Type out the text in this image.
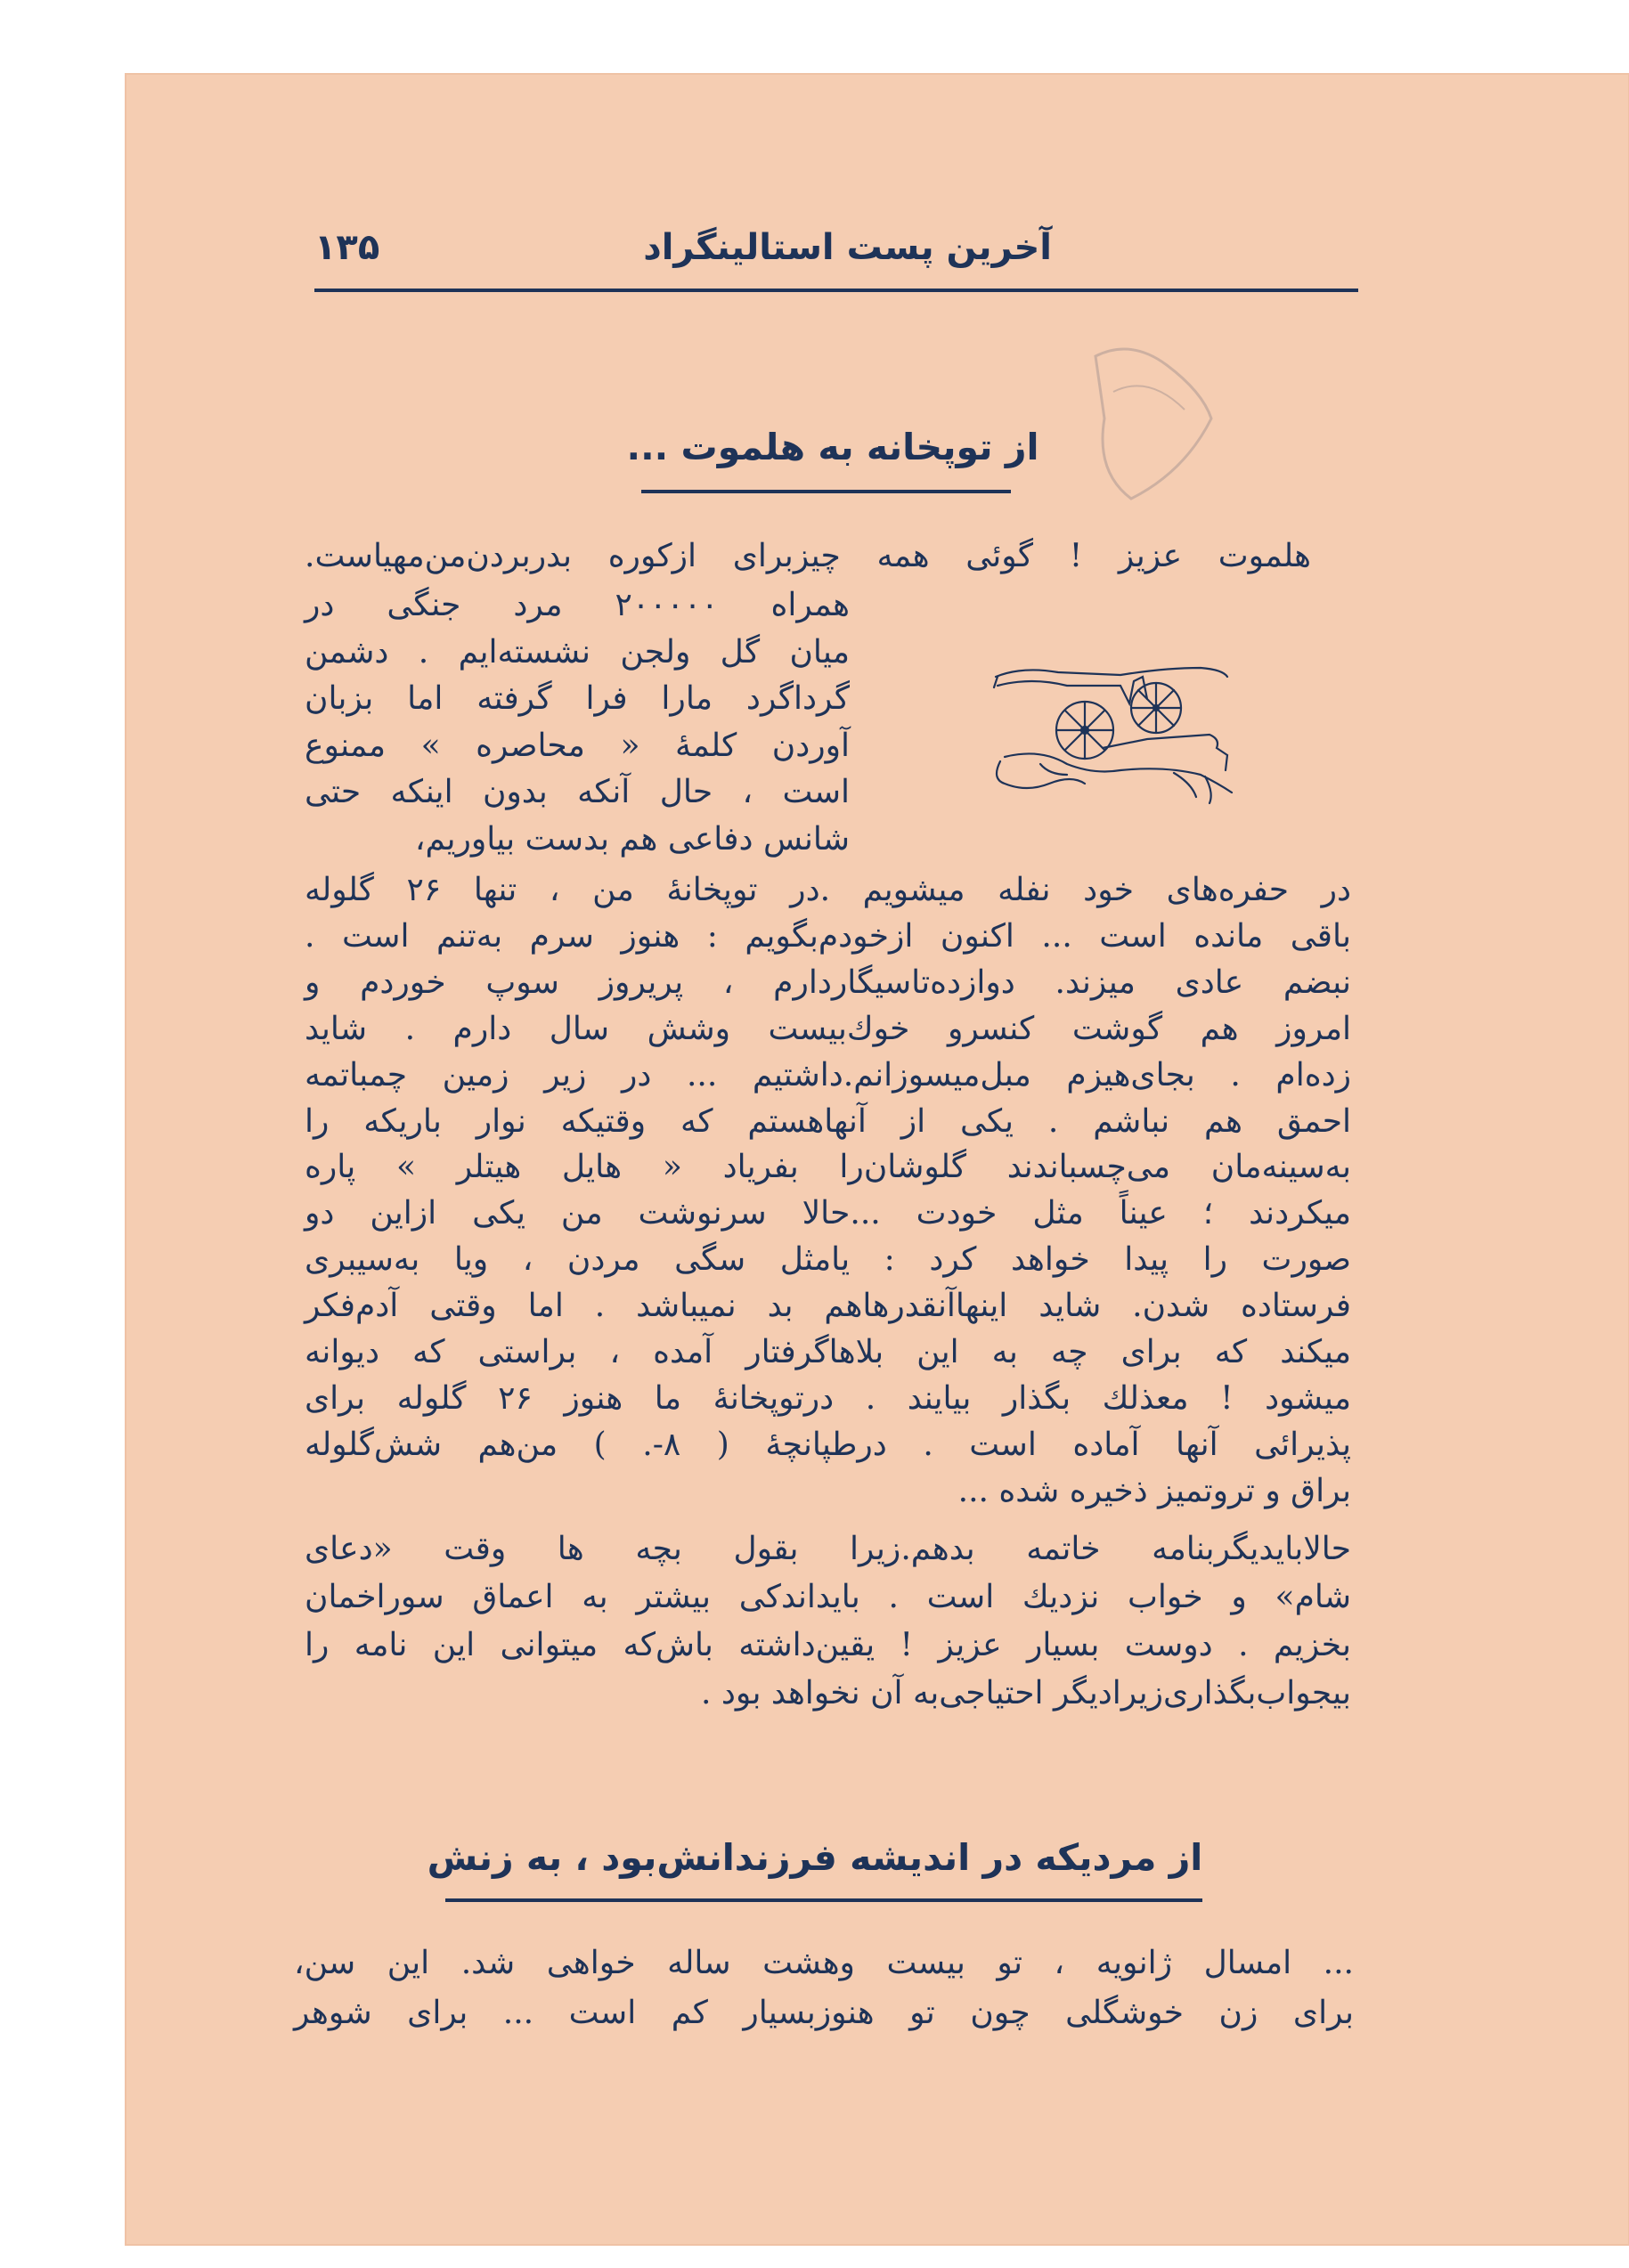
آخرین پست استالینگراد
۱۳۵
از توپخانه به هلموت ...
هلموت عزیز ! گوئی همه چیزبرای ازکوره بدربردن‌من‌مهیاست.
همراه ۲۰۰۰۰۰ مرد جنگی در
میان گل ولجن نشسته‌ایم . دشمن
گرداگرد مارا فرا گرفته اما بزبان
آوردن کلمهٔ « محاصره » ممنوع
است ، حال آنکه بدون اینکه حتی
شانس دفاعی هم بدست بیاوریم،
در حفره‌های خود نفله میشویم .در توپخانهٔ من ، تنها ۲۶ گلوله
باقی مانده است ... اکنون ازخودم‌بگویم : هنوز سرم به‌تنم است .
نبضم عادی میزند. دوازده‌تاسیگاردارم ، پریروز سوپ خوردم و
امروز هم گوشت کنسرو خوك‌بیست وشش سال دارم . شاید
زده‌ام . بجای‌هیزم مبل‌میسوزانم.داشتیم ... در زیر زمین چمباتمه
احمق هم نباشم . یکی از آنهاهستم که وقتیکه نوار باریکه را
به‌سینه‌مان می‌چسباندند گلوشان‌را بفریاد « هایل هیتلر » پاره
میکردند ؛ عیناً مثل خودت ...حالا سرنوشت من یکی ازاین دو
صورت را پیدا خواهد کرد : یامثل سگی مردن ، ویا به‌سیبری
فرستاده شدن. شاید اینهاآنقدرهاهم بد نمیباشد . اما وقتی آدم‌فکر
میکند که برای چه به این بلاهاگرفتار آمده ، براستی که دیوانه
میشود ! معذلك بگذار بیایند . درتوپخانهٔ ما هنوز ۲۶ گلوله برای
پذیرائی آنها آماده است . درطپانچهٔ ( ۸-. ) من‌هم شش‌گلوله
براق و تروتمیز ذخیره شده ...
حالابایدیگربنامه خاتمه بدهم.زیرا بقول بچه ها وقت «دعای
شام» و خواب نزدیك است . بایداندکی بیشتر به اعماق سوراخمان
بخزیم . دوست بسیار عزیز ! یقین‌داشته باش‌که میتوانی این نامه را
بیجواب‌بگذاری‌زیرادیگر احتیاجی‌به آن نخواهد بود .
از مردیکه در اندیشه فرزندانش‌بود ، به زنش
... امسال ژانویه ، تو بیست وهشت ساله خواهی شد. این سن،
برای زن خوشگلی چون تو هنوزبسیار کم است ... برای شوهر
